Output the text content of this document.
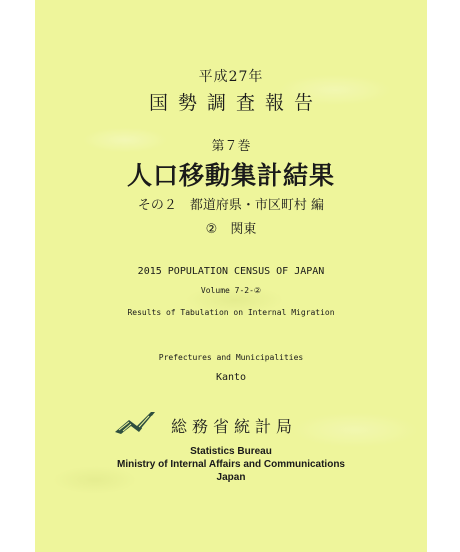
平成27年
国勢調査報告
第７巻
人口移動集計結果
その２　都道府県・市区町村 編
②　関東
2015 POPULATION CENSUS OF JAPAN
Volume 7-2-②
Results of Tabulation on Internal Migration
Prefectures and Municipalities
Kanto
総務省統計局
Statistics Bureau
Ministry of Internal Affairs and Communications
Japan
